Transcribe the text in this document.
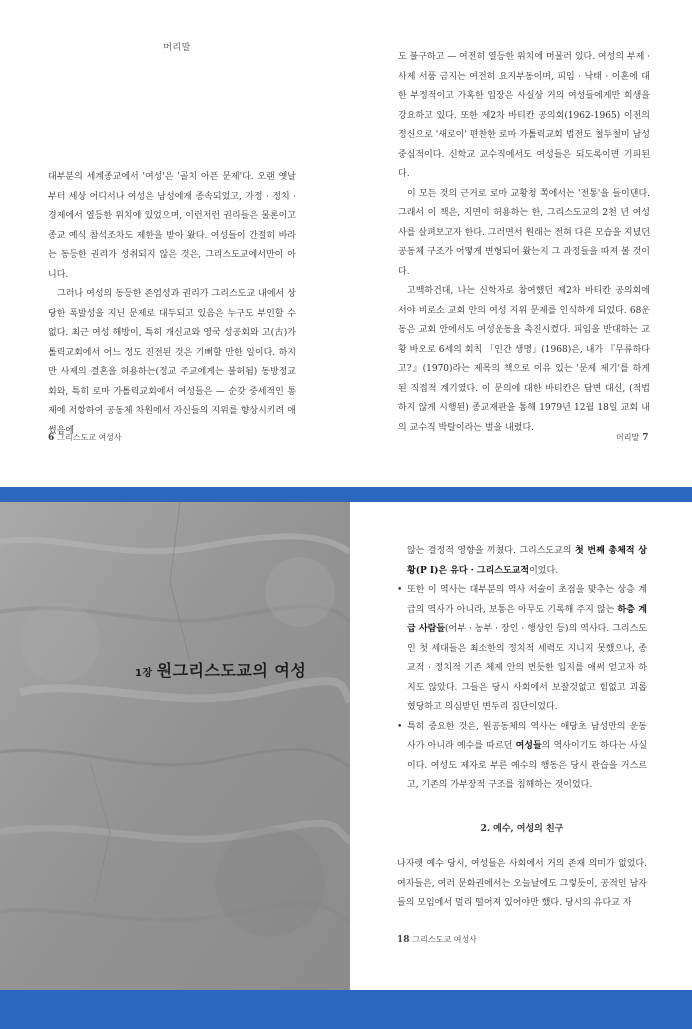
머리말

대부분의 세계종교에서 '여성'은 '골치 아픈 문제'다. 오랜 옛날부터 세상 어디서나 여성은 남성에게 종속되었고, 가정 · 정치 · 경제에서 열등한 위치에 있었으며, 이런저런 권리들은 물론이고 종교 예식 참석조차도 제한을 받아 왔다. 여성들이 간절히 바라는 동등한 권리가 성취되지 않은 것은, 그리스도교에서만이 아니다.

그러나 여성의 동등한 존엄성과 권리가 그리스도교 내에서 상당한 폭발성을 지닌 문제로 대두되고 있음은 누구도 부인할 수 없다. 최근 여성 해방이, 특히 개신교와 영국 성공회와 고(古)가톨릭교회에서 어느 정도 진전된 것은 기뻐할 만한 일이다. 하지만 사제의 결혼을 허용하는(정교 주교에게는 불허됨) 동방정교회와, 특히 로마 가톨릭교회에서 여성들은 — 순갖 중세적인 통제에 저항하여 공동체 차원에서 자신들의 지위를 향상시키려 애썼음에

6 그리스도교 여성사

도 불구하고 — 여전히 열등한 위치에 머물러 있다. 여성의 부제 · 사제 서품 금지는 여전히 요지부동이며, 피임 · 낙태 · 이혼에 대한 부정적이고 가혹한 입장은 사실상 거의 여성들에게만 희생을 강요하고 있다. 또한 제2차 바티칸 공의회(1962-1965) 이전의 정신으로 '새로이' 편찬한 로마 가톨릭교회 법전도 철두철미 남성 중심적이다. 신학교 교수직에서도 여성들은 되도록이면 기피된다.

이 모든 것의 근거로 로마 교황청 쪽에서는 '전통'을 들이댄다. 그래서 이 책은, 지면이 허용하는 한, 그리스도교의 2천 년 여성사를 살펴보고자 한다. 그러면서 원래는 전혀 다른 모습을 지녔던 공동체 구조가 어떻게 변형되어 왔는지 그 과정들을 따져 볼 것이다.

고백하건대, 나는 신학자로 참여했던 제2차 바티칸 공의회에서야 비로소 교회 안의 여성 지위 문제를 인식하게 되었다. 68운동은 교회 안에서도 여성운동을 촉진시켰다. 피임을 반대하는 교황 바오로 6세의 회칙 「인간 생명」(1968)은, 내가 『무류하다고?』(1970)라는 제목의 책으로 이유 있는 '문제 제기'를 하게 된 직접적 계기였다. 이 문의에 대한 바티칸은 답변 대신, (적법하지 않게 시행된) 종교재판을 통해 1979년 12월 18일 교회 내의 교수직 박탈이라는 벌을 내렸다.

머리말 7
1장 원그리스도교의 여성

않는 결정적 영향을 끼쳤다. 그리스도교의 첫 번째 총체적 상황(P I)은 유다 · 그리스도교적이었다.

• 또한 이 역사는 대부분의 역사 서술이 초점을 맞추는 상층 계급의 역사가 아니라, 보통은 아무도 기록해 주지 않는 하층 계급 사람들(어부 · 농부 · 장인 · 행상인 등)의 역사다. 그리스도인 첫 세대들은 최소한의 정치적 세력도 지니지 못했으나, 종교적 · 정치적 기존 체제 안의 번듯한 입지를 애써 얻고자 하지도 않았다. 그들은 당시 사회에서 보잘것없고 힘없고 괴롭혔당하고 의심받던 변두리 집단이었다.
• 특히 중요한 것은, 원공동체의 역사는 애당초 남성만의 운동사가 아니라 예수를 따르던 여성들의 역사이기도 하다는 사실이다. 여성도 제자로 부른 예수의 행동은 당시 관습을 거스르고, 기존의 가부장적 구조를 침해하는 것이었다.
2. 예수, 여성의 친구

나자렛 예수 당시, 여성들은 사회에서 거의 존재 의미가 없었다. 여자들은, 여러 문화권에서는 오늘날에도 그렇듯이, 공적인 남자들의 모임에서 멀리 떨어져 있어야만 했다. 당시의 유다교 자

18 그리스도교 여성사
